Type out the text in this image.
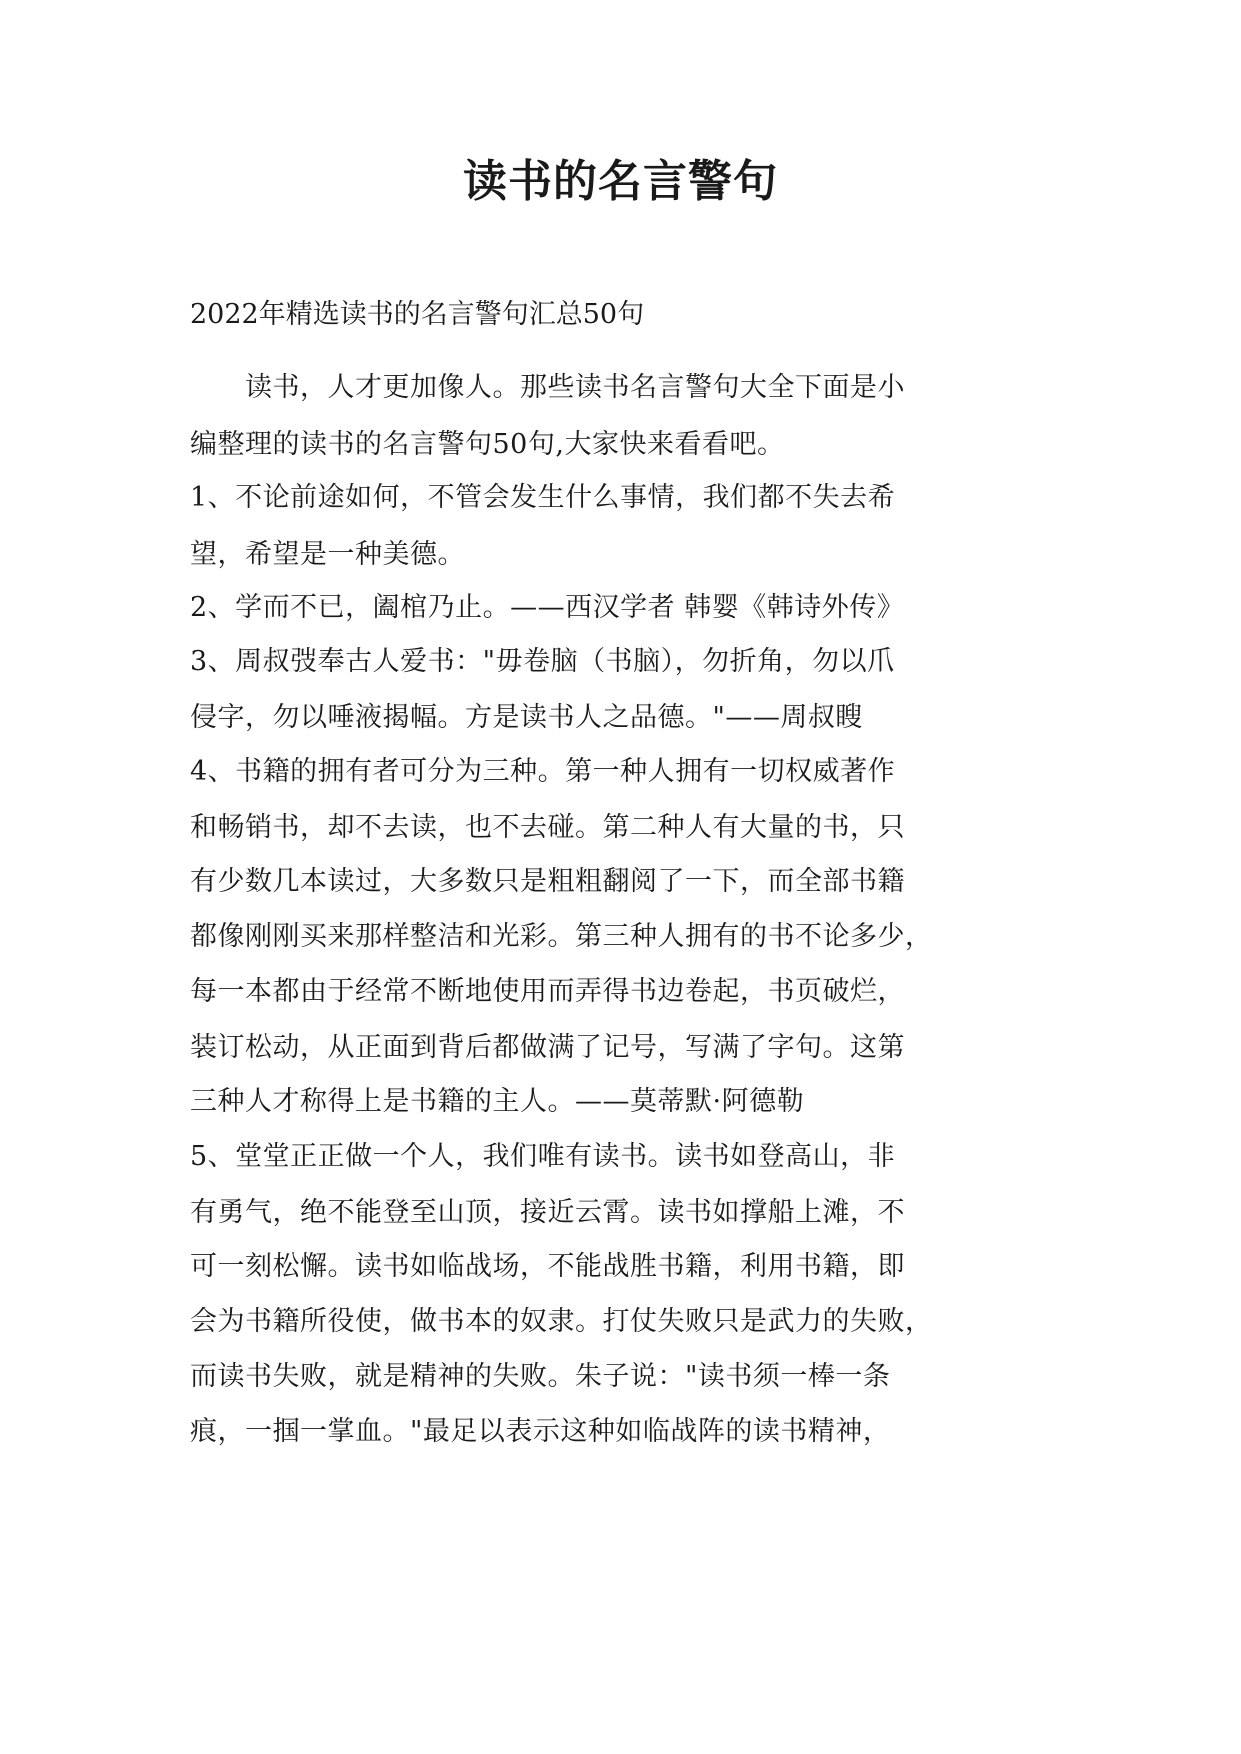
读书的名言警句
2022年精选读书的名言警句汇总50句
　　读书，人才更加像人。那些读书名言警句大全下面是小
编整理的读书的名言警句50句,大家快来看看吧。
1、不论前途如何，不管会发生什么事情，我们都不失去希
望，希望是一种美德。
2、学而不已，阖棺乃止。——西汉学者 韩婴《韩诗外传》
3、周叔弢奉古人爱书："毋卷脑（书脑），勿折角，勿以爪
侵字，勿以唾液揭幅。方是读书人之品德。"——周叔瞍
4、书籍的拥有者可分为三种。第一种人拥有一切权威著作
和畅销书，却不去读，也不去碰。第二种人有大量的书，只
有少数几本读过，大多数只是粗粗翻阅了一下，而全部书籍
都像刚刚买来那样整洁和光彩。第三种人拥有的书不论多少，
每一本都由于经常不断地使用而弄得书边卷起，书页破烂，
装订松动，从正面到背后都做满了记号，写满了字句。这第
三种人才称得上是书籍的主人。——莫蒂默·阿德勒
5、堂堂正正做一个人，我们唯有读书。读书如登高山，非
有勇气，绝不能登至山顶，接近云霄。读书如撑船上滩，不
可一刻松懈。读书如临战场，不能战胜书籍，利用书籍，即
会为书籍所役使，做书本的奴隶。打仗失败只是武力的失败，
而读书失败，就是精神的失败。朱子说："读书须一棒一条
痕，一掴一掌血。"最足以表示这种如临战阵的读书精神，
